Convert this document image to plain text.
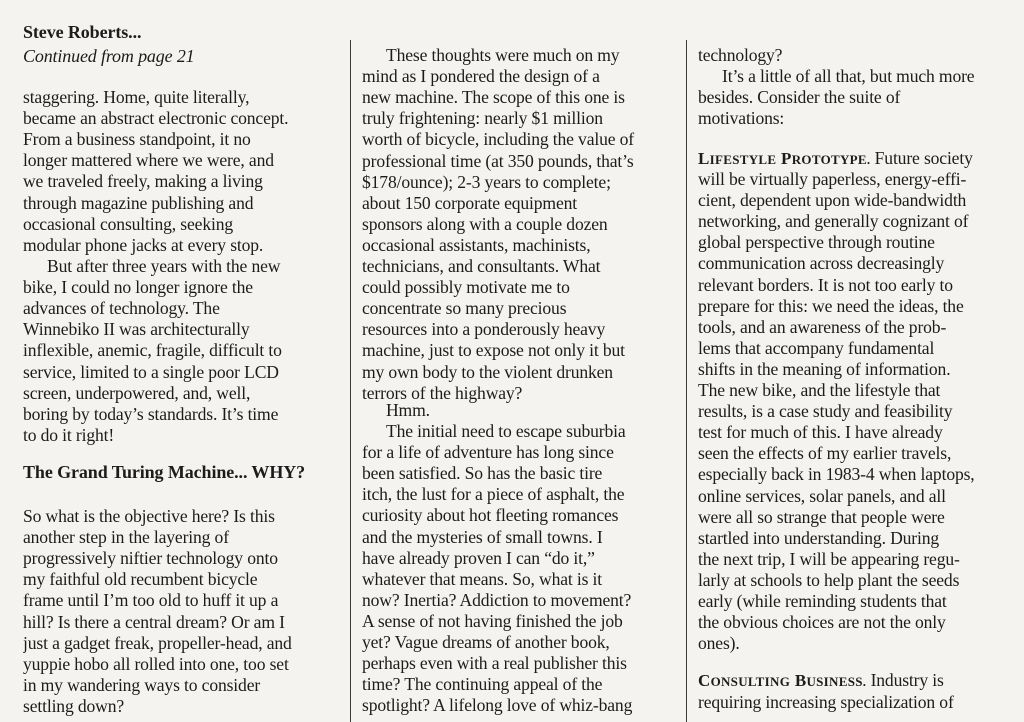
Steve Roberts...
Continued from page 21
staggering. Home, quite literally,
became an abstract electronic concept.
From a business standpoint, it no
longer mattered where we were, and
we traveled freely, making a living
through magazine publishing and
occasional consulting, seeking
modular phone jacks at every stop.
But after three years with the new
bike, I could no longer ignore the
advances of technology. The
Winnebiko II was architecturally
inflexible, anemic, fragile, difficult to
service, limited to a single poor LCD
screen, underpowered, and, well,
boring by today’s standards. It’s time
to do it right!
The Grand Turing Machine... WHY?
So what is the objective here? Is this
another step in the layering of
progressively niftier technology onto
my faithful old recumbent bicycle
frame until I’m too old to huff it up a
hill? Is there a central dream? Or am I
just a gadget freak, propeller-head, and
yuppie hobo all rolled into one, too set
in my wandering ways to consider
settling down?
These thoughts were much on my
mind as I pondered the design of a
new machine. The scope of this one is
truly frightening: nearly $1 million
worth of bicycle, including the value of
professional time (at 350 pounds, that’s
$178/ounce); 2-3 years to complete;
about 150 corporate equipment
sponsors along with a couple dozen
occasional assistants, machinists,
technicians, and consultants. What
could possibly motivate me to
concentrate so many precious
resources into a ponderously heavy
machine, just to expose not only it but
my own body to the violent drunken
terrors of the highway?
Hmm.
The initial need to escape suburbia
for a life of adventure has long since
been satisfied. So has the basic tire
itch, the lust for a piece of asphalt, the
curiosity about hot fleeting romances
and the mysteries of small towns. I
have already proven I can “do it,”
whatever that means. So, what is it
now? Inertia? Addiction to movement?
A sense of not having finished the job
yet? Vague dreams of another book,
perhaps even with a real publisher this
time? The continuing appeal of the
spotlight? A lifelong love of whiz-bang
technology?
It’s a little of all that, but much more
besides. Consider the suite of
motivations:
LIFESTYLE PROTOTYPE. Future society
will be virtually paperless, energy-effi-
cient, dependent upon wide-bandwidth
networking, and generally cognizant of
global perspective through routine
communication across decreasingly
relevant borders. It is not too early to
prepare for this: we need the ideas, the
tools, and an awareness of the prob-
lems that accompany fundamental
shifts in the meaning of information.
The new bike, and the lifestyle that
results, is a case study and feasibility
test for much of this. I have already
seen the effects of my earlier travels,
especially back in 1983-4 when laptops,
online services, solar panels, and all
were all so strange that people were
startled into understanding. During
the next trip, I will be appearing regu-
larly at schools to help plant the seeds
early (while reminding students that
the obvious choices are not the only
ones).
CONSULTING BUSINESS. Industry is
requiring increasing specialization of
